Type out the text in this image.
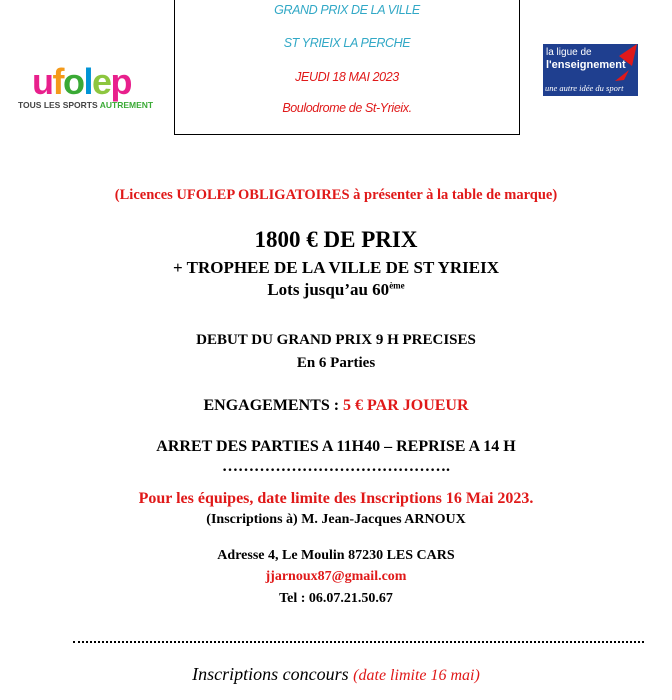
GRAND PRIX DE LA VILLE
ST YRIEIX LA PERCHE
JEUDI 18 MAI 2023
Boulodrome de St-Yrieix.
ufolep
TOUS LES SPORTS AUTREMENT
la ligue de
l'enseignement
une autre idée du sport
(Licences UFOLEP OBLIGATOIRES à présenter à la table de marque)
1800 € DE PRIX
+ TROPHEE DE LA VILLE DE ST YRIEIX
Lots jusqu’au 60ème
DEBUT DU GRAND PRIX 9 H PRECISES
En 6 Parties
ENGAGEMENTS : 5 € PAR JOUEUR
ARRET DES PARTIES A 11H40 – REPRISE A 14 H
…………………………………….
Pour les équipes, date limite des Inscriptions 16 Mai 2023.
(Inscriptions à) M. Jean-Jacques ARNOUX
Adresse 4, Le Moulin 87230 LES CARS
jjarnoux87@gmail.com
Tel : 06.07.21.50.67
Inscriptions concours (date limite 16 mai)
